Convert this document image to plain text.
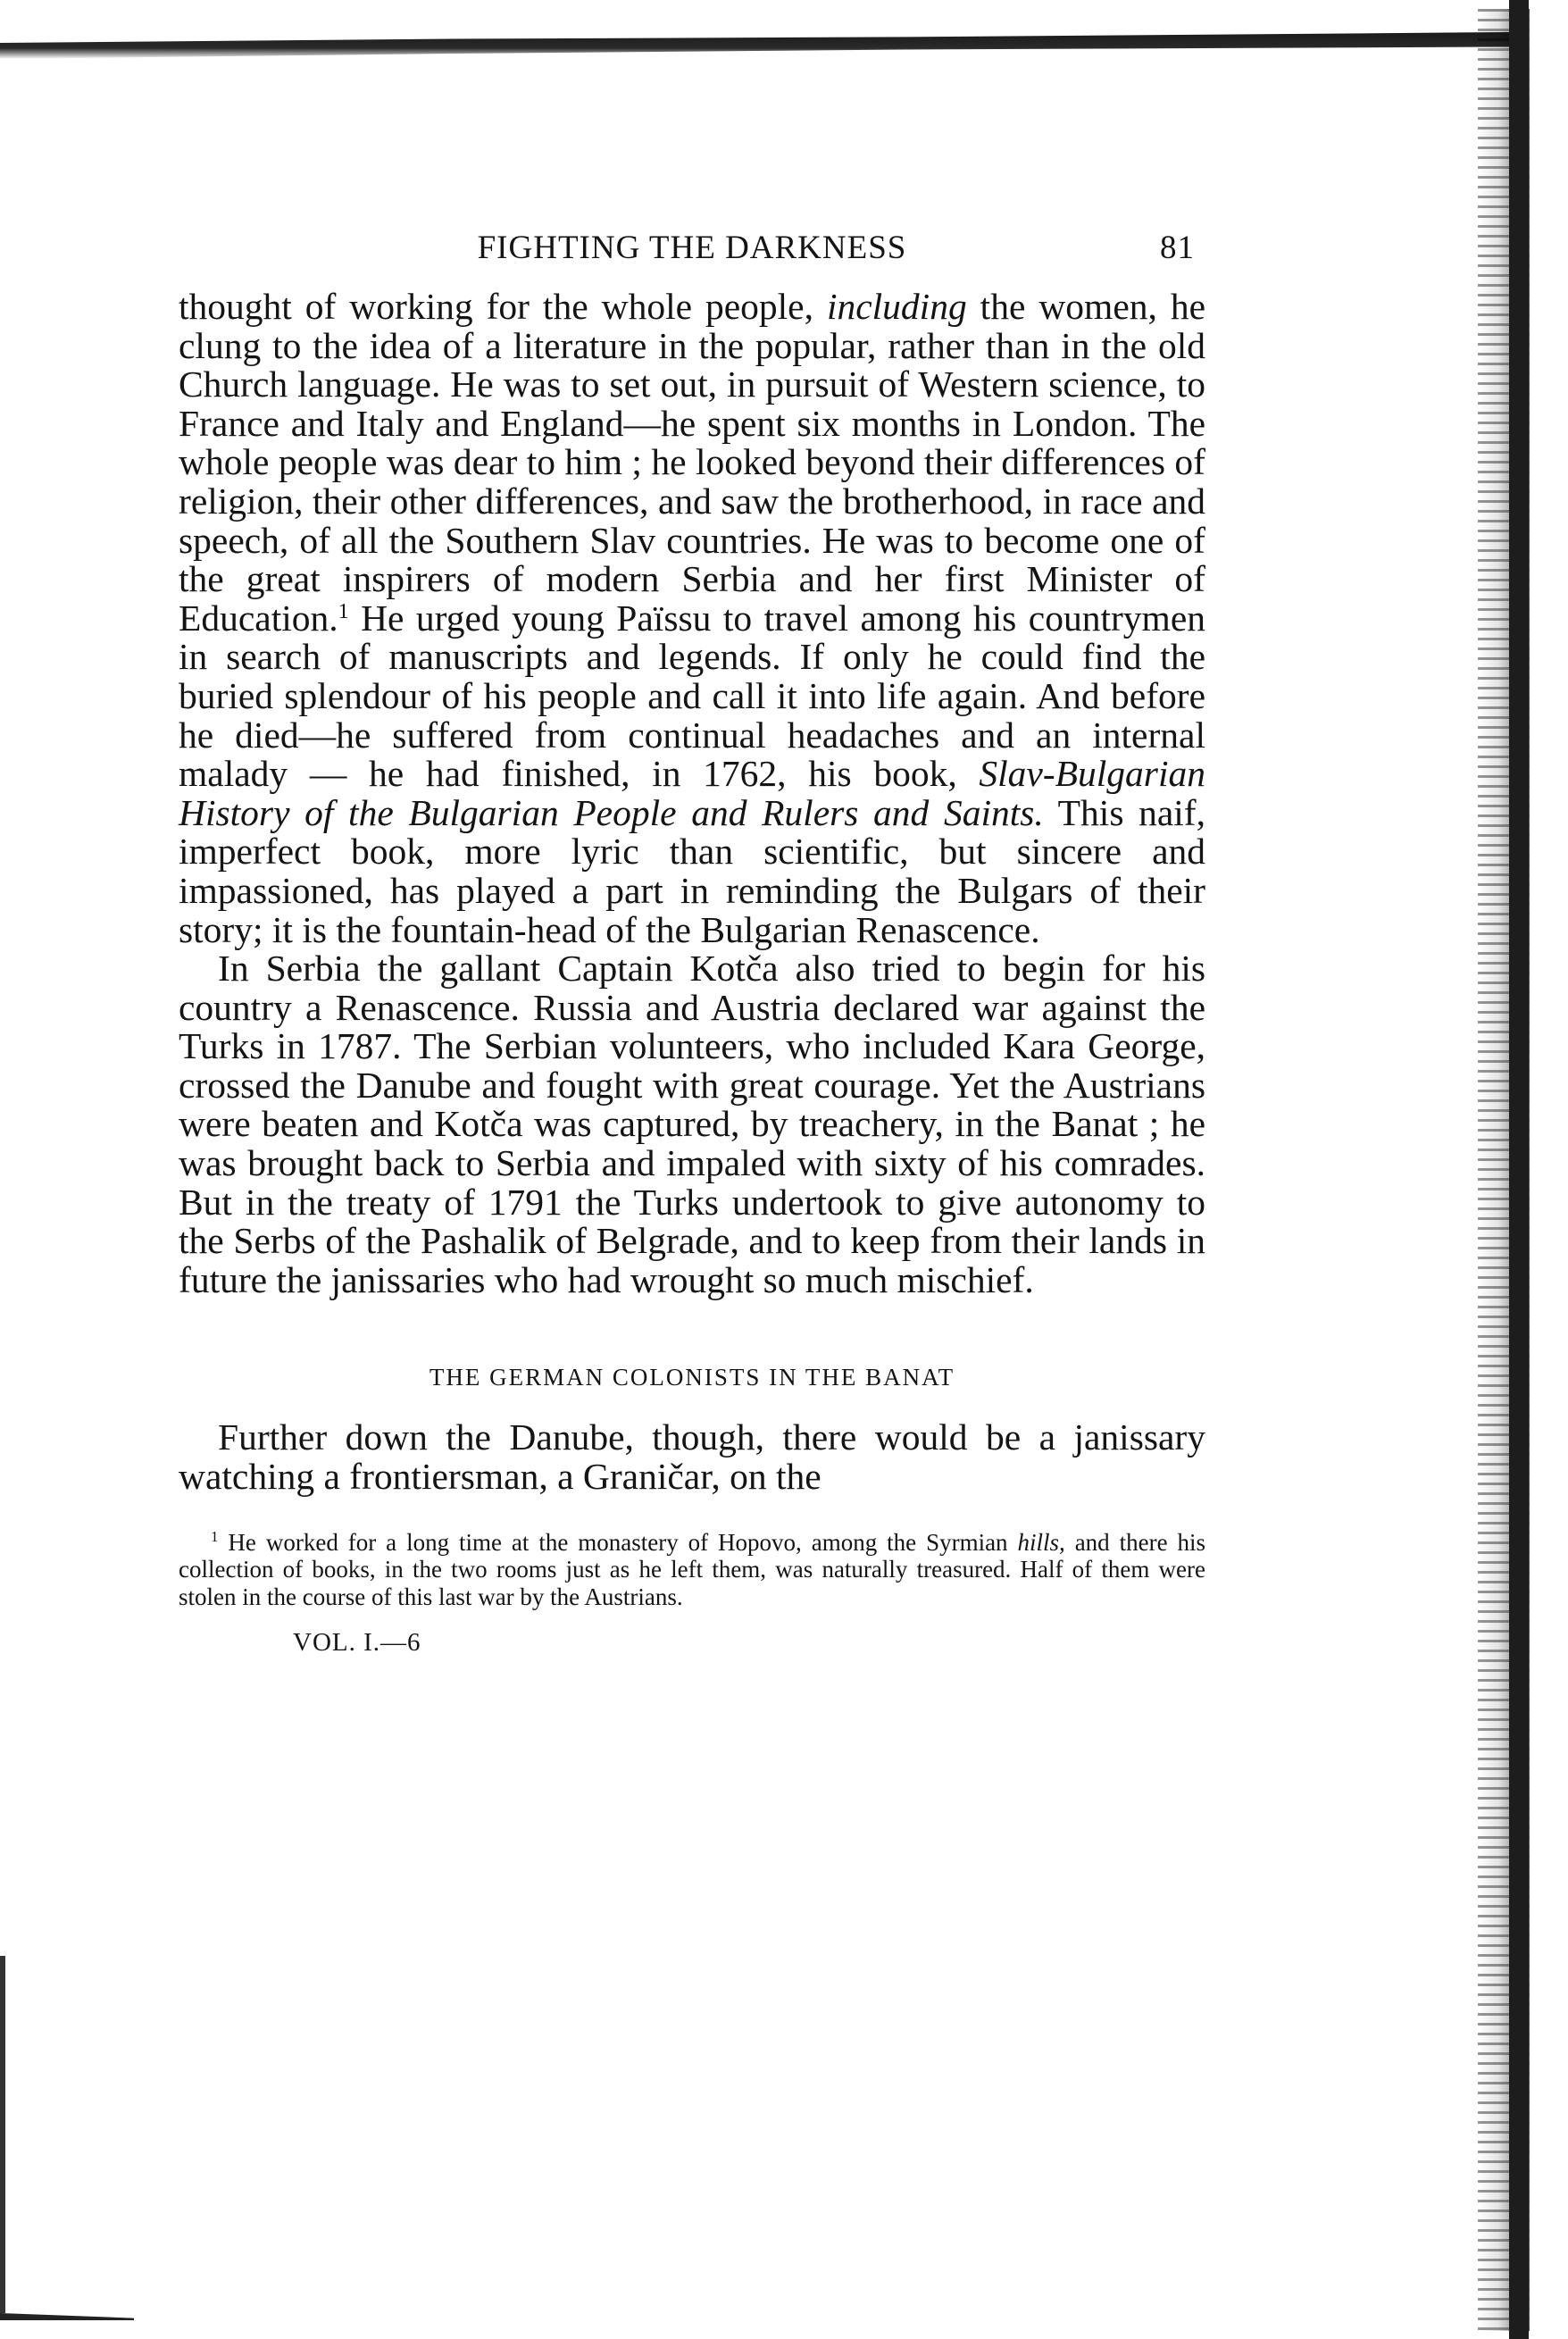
FIGHTING THE DARKNESS	81

thought of working for the whole people, including the women, he clung to the idea of a literature in the popular, rather than in the old Church language. He was to set out, in pursuit of Western science, to France and Italy and England—he spent six months in London. The whole people was dear to him ; he looked beyond their differences of religion, their other differences, and saw the brotherhood, in race and speech, of all the Southern Slav countries. He was to become one of the great inspirers of modern Serbia and her first Minister of Education.$^1$ He urged young Païssu to travel among his countrymen in search of manuscripts and legends. If only he could find the buried splendour of his people and call it into life again. And before he died—he suffered from continual headaches and an internal malady — he had finished, in 1762, his book, Slav-Bulgarian History of the Bulgarian People and Rulers and Saints. This naif, imperfect book, more lyric than scientific, but sincere and impassioned, has played a part in reminding the Bulgars of their story; it is the fountain-head of the Bulgarian Renascence.

In Serbia the gallant Captain Kotča also tried to begin for his country a Renascence. Russia and Austria declared war against the Turks in 1787. The Serbian volunteers, who included Kara George, crossed the Danube and fought with great courage. Yet the Austrians were beaten and Kotča was captured, by treachery, in the Banat ; he was brought back to Serbia and impaled with sixty of his comrades. But in the treaty of 1791 the Turks undertook to give autonomy to the Serbs of the Pashalik of Belgrade, and to keep from their lands in future the janissaries who had wrought so much mischief.

THE GERMAN COLONISTS IN THE BANAT

Further down the Danube, though, there would be a janissary watching a frontiersman, a Graničar, on the

$^1$ He worked for a long time at the monastery of Hopovo, among the Syrmian hills, and there his collection of books, in the two rooms just as he left them, was naturally treasured. Half of them were stolen in the course of this last war by the Austrians.
VOL. I.—6
